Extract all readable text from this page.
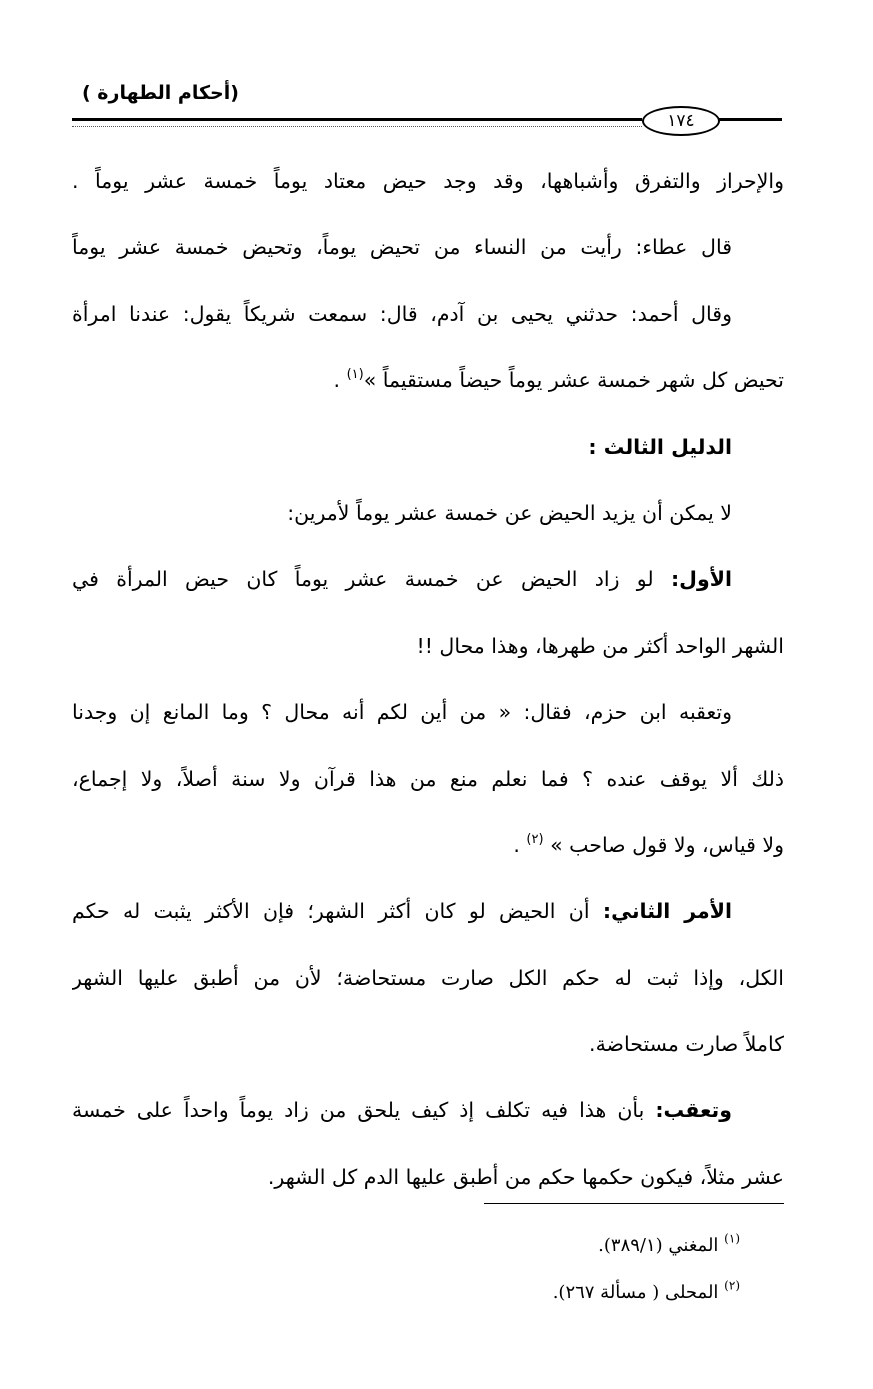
(أحكام الطهارة )
١٧٤

والإحراز والتفرق وأشباهها، وقد وجد حيض معتاد يوماً خمسة عشر يوماً .

قال عطاء: رأيت من النساء من تحيض يوماً، وتحيض خمسة عشر يوماً

وقال أحمد: حدثني يحيى بن آدم، قال: سمعت شريكاً يقول: عندنا امرأة

تحيض كل شهر خمسة عشر يوماً حيضاً مستقيماً »$^{(١)}$ .

الدليل الثالث :

لا يمكن أن يزيد الحيض عن خمسة عشر يوماً لأمرين:

الأول: لو زاد الحيض عن خمسة عشر يوماً كان حيض المرأة في

الشهر الواحد أكثر من طهرها، وهذا محال !!

وتعقبه ابن حزم، فقال: « من أين لكم أنه محال ؟ وما المانع إن وجدنا

ذلك ألا يوقف عنده ؟ فما نعلم منع من هذا قرآن ولا سنة أصلاً، ولا إجماع،

ولا قياس، ولا قول صاحب » $^{(٢)}$ .

الأمر الثاني: أن الحيض لو كان أكثر الشهر؛ فإن الأكثر يثبت له حكم

الكل، وإذا ثبت له حكم الكل صارت مستحاضة؛ لأن من أطبق عليها الشهر

كاملاً صارت مستحاضة.

وتعقب: بأن هذا فيه تكلف إذ كيف يلحق من زاد يوماً واحداً على خمسة

عشر مثلاً، فيكون حكمها حكم من أطبق عليها الدم كل الشهر.

$^{(١)}$ المغني (٣٨٩/١).
$^{(٢)}$ المحلى ( مسألة ٢٦٧).
